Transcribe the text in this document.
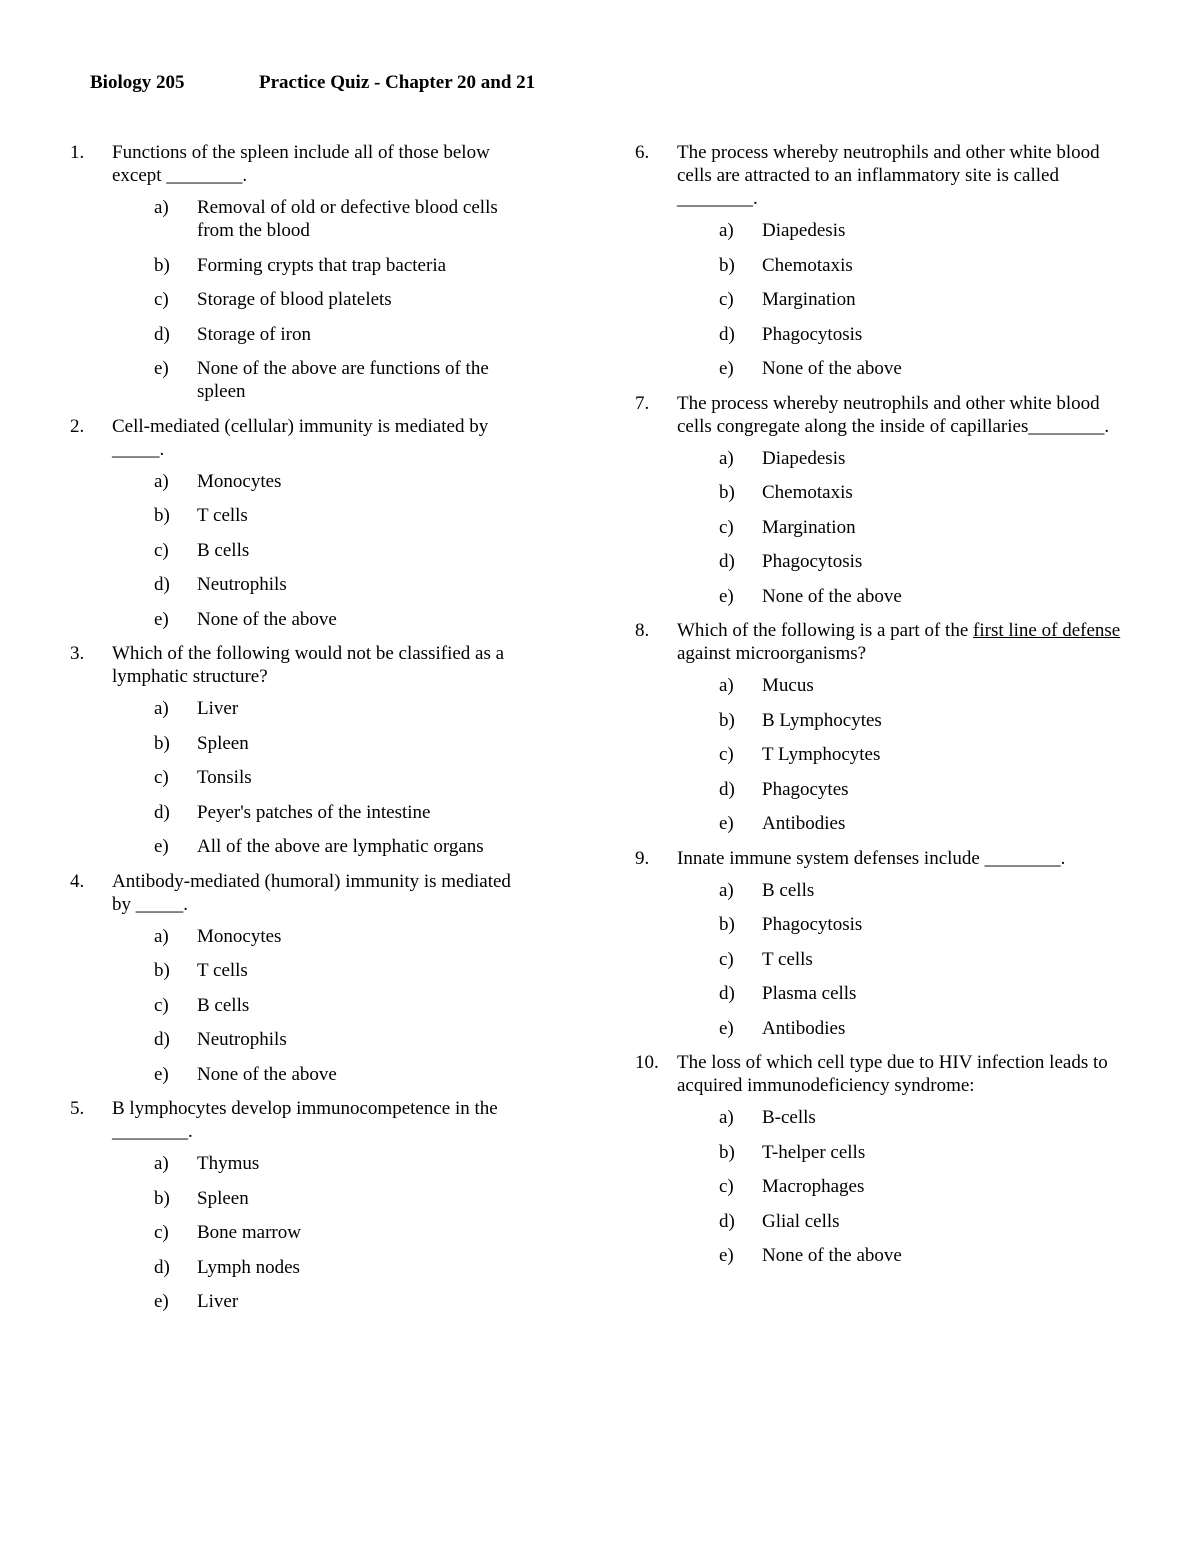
Biology 205	Practice Quiz - Chapter 20 and 21
1. Functions of the spleen include all of those below except ________.
a) Removal of old or defective blood cells from the blood
b) Forming crypts that trap bacteria
c) Storage of blood platelets
d) Storage of iron
e) None of the above are functions of the spleen
2. Cell-mediated (cellular) immunity is mediated by _____.
a) Monocytes
b) T cells
c) B cells
d) Neutrophils
e) None of the above
3. Which of the following would not be classified as a lymphatic structure?
a) Liver
b) Spleen
c) Tonsils
d) Peyer's patches of the intestine
e) All of the above are lymphatic organs
4. Antibody-mediated (humoral) immunity is mediated by _____.
a) Monocytes
b) T cells
c) B cells
d) Neutrophils
e) None of the above
5. B lymphocytes develop immunocompetence in the ________.
a) Thymus
b) Spleen
c) Bone marrow
d) Lymph nodes
e) Liver
6. The process whereby neutrophils and other white blood cells are attracted to an inflammatory site is called ________.
a) Diapedesis
b) Chemotaxis
c) Margination
d) Phagocytosis
e) None of the above
7. The process whereby neutrophils and other white blood cells congregate along the inside of capillaries________.
a) Diapedesis
b) Chemotaxis
c) Margination
d) Phagocytosis
e) None of the above
8. Which of the following is a part of the first line of defense against microorganisms?
a) Mucus
b) B Lymphocytes
c) T Lymphocytes
d) Phagocytes
e) Antibodies
9. Innate immune system defenses include ________.
a) B cells
b) Phagocytosis
c) T cells
d) Plasma cells
e) Antibodies
10. The loss of which cell type due to HIV infection leads to acquired immunodeficiency syndrome:
a) B-cells
b) T-helper cells
c) Macrophages
d) Glial cells
e) None of the above
